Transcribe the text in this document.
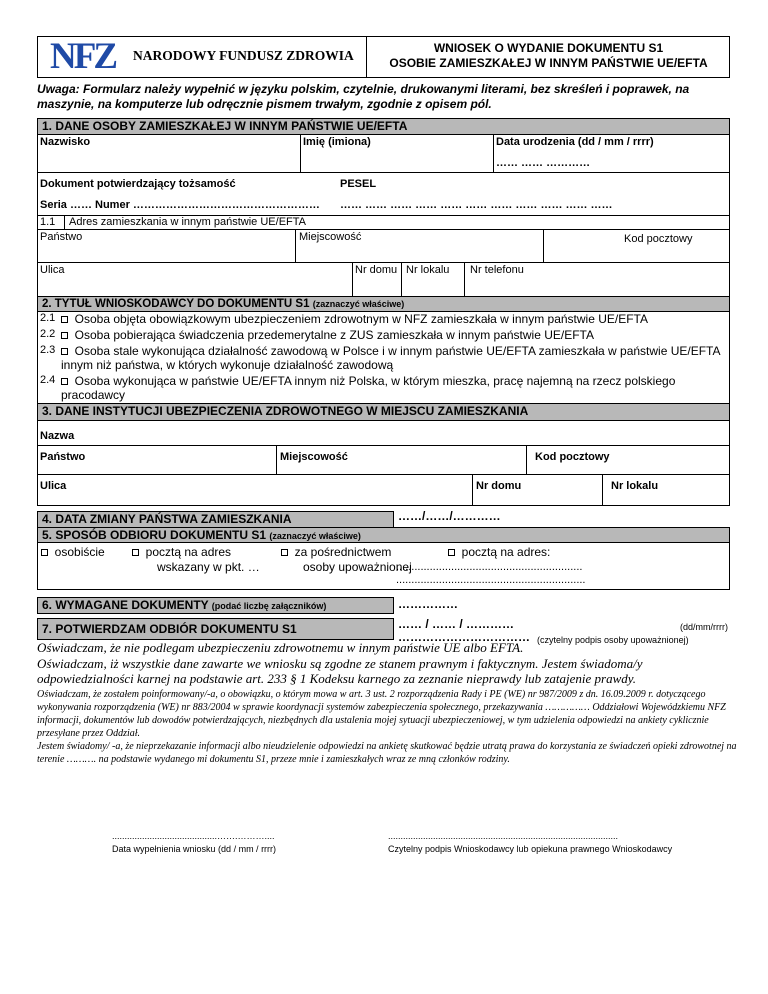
NFZ NARODOWY FUNDUSZ ZDROWIA	WNIOSEK O WYDANIE DOKUMENTU S1
OSOBIE ZAMIESZKAŁEJ W INNYM PAŃSTWIE UE/EFTA
Uwaga: Formularz należy wypełnić w języku polskim, czytelnie, drukowanymi literami, bez skreśleń i poprawek, na maszynie, na komputerze lub odręcznie pismem trwałym, zgodnie z opisem pól.
1. DANE OSOBY ZAMIESZKAŁEJ W INNYM PAŃSTWIE UE/EFTA
Nazwisko	Imię (imiona)	Data urodzenia (dd / mm / rrrr)
…… …… …………
Dokument potwierdzający tożsamość	PESEL
Seria …… Numer …………………………………………… …… …… …… …… …… …… …… …… …… …… ……
1.1 Adres zamieszkania w innym państwie UE/EFTA
Państwo	Miejscowość	Kod pocztowy
Ulica	Nr domu Nr lokalu Nr telefonu
2. TYTUŁ WNIOSKODAWCY DO DOKUMENTU S1 (zaznaczyć właściwe)
2.1	Osoba objęta obowiązkowym ubezpieczeniem zdrowotnym w NFZ zamieszkała w innym państwie UE/EFTA
2.2	Osoba pobierająca świadczenia przedemerytalne z ZUS zamieszkała w innym państwie UE/EFTA
2.3	Osoba stale wykonująca działalność zawodową w Polsce i w innym państwie UE/EFTA zamieszkała w państwie UE/EFTA innym niż państwa, w których wykonuje działalność zawodową
2.4	Osoba wykonująca w państwie UE/EFTA innym niż Polska, w którym mieszka, pracę najemną na rzecz polskiego pracodawcy
3. DANE INSTYTUCJI UBEZPIECZENIA ZDROWOTNEGO W MIEJSCU ZAMIESZKANIA
Nazwa
Państwo	Miejscowość	Kod pocztowy
Ulica	Nr domu	Nr lokalu
4. DATA ZMIANY PAŃSTWA ZAMIESZKANIA	……/……/…………
5. SPOSÓB ODBIORU DOKUMENTU S1 (zaznaczyć właściwe)
osobiście	pocztą na adres
wskazany w pkt. …
za pośrednictwem
osoby upoważnionej
pocztą na adres:
.............................................................
..............................................................
6. WYMAGANE DOKUMENTY (podać liczbę załączników)	……………
7. POTWIERDZAM ODBIÓR DOKUMENTU S1	…… / …… / …………	(dd/mm/rrrr)
…………………………… (czytelny podpis osoby upoważnionej)
Oświadczam, że nie podlegam ubezpieczeniu zdrowotnemu w innym państwie UE albo EFTA.
Oświadczam, iż wszystkie dane zawarte we wniosku są zgodne ze stanem prawnym i faktycznym. Jestem świadoma/y odpowiedzialności karnej na podstawie art. 233 § 1 Kodeksu karnego za zeznanie nieprawdy lub zatajenie prawdy.
Oświadczam, że zostałem poinformowany/-a, o obowiązku, o którym mowa w art. 3 ust. 2 rozporządzenia Rady i PE (WE) nr 987/2009 z dn. 16.09.2009 r. dotyczącego wykonywania rozporządzenia (WE) nr 883/2004 w sprawie koordynacji systemów zabezpieczenia społecznego, przekazywania …………… Oddziałowi Wojewódzkiemu NFZ informacji, dokumentów lub dowodów potwierdzających, niezbędnych dla ustalenia mojej sytuacji ubezpieczeniowej, w tym udzielenia odpowiedzi na ankiety cyklicznie przesyłane przez Oddział.
Jestem świadomy/ -a, że nieprzekazanie informacji albo nieudzielenie odpowiedzi na ankietę skutkować będzie utratą prawa do korzystania ze świadczeń opieki zdrowotnej na terenie ………. na podstawie wydanego mi dokumentu S1, przeze mnie i zamieszkałych wraz ze mną członków rodziny.
..........................................…….………....
Data wypełnienia wniosku (dd / mm / rrrr)
............................................................................................
Czytelny podpis Wnioskodawcy lub opiekuna prawnego Wnioskodawcy
